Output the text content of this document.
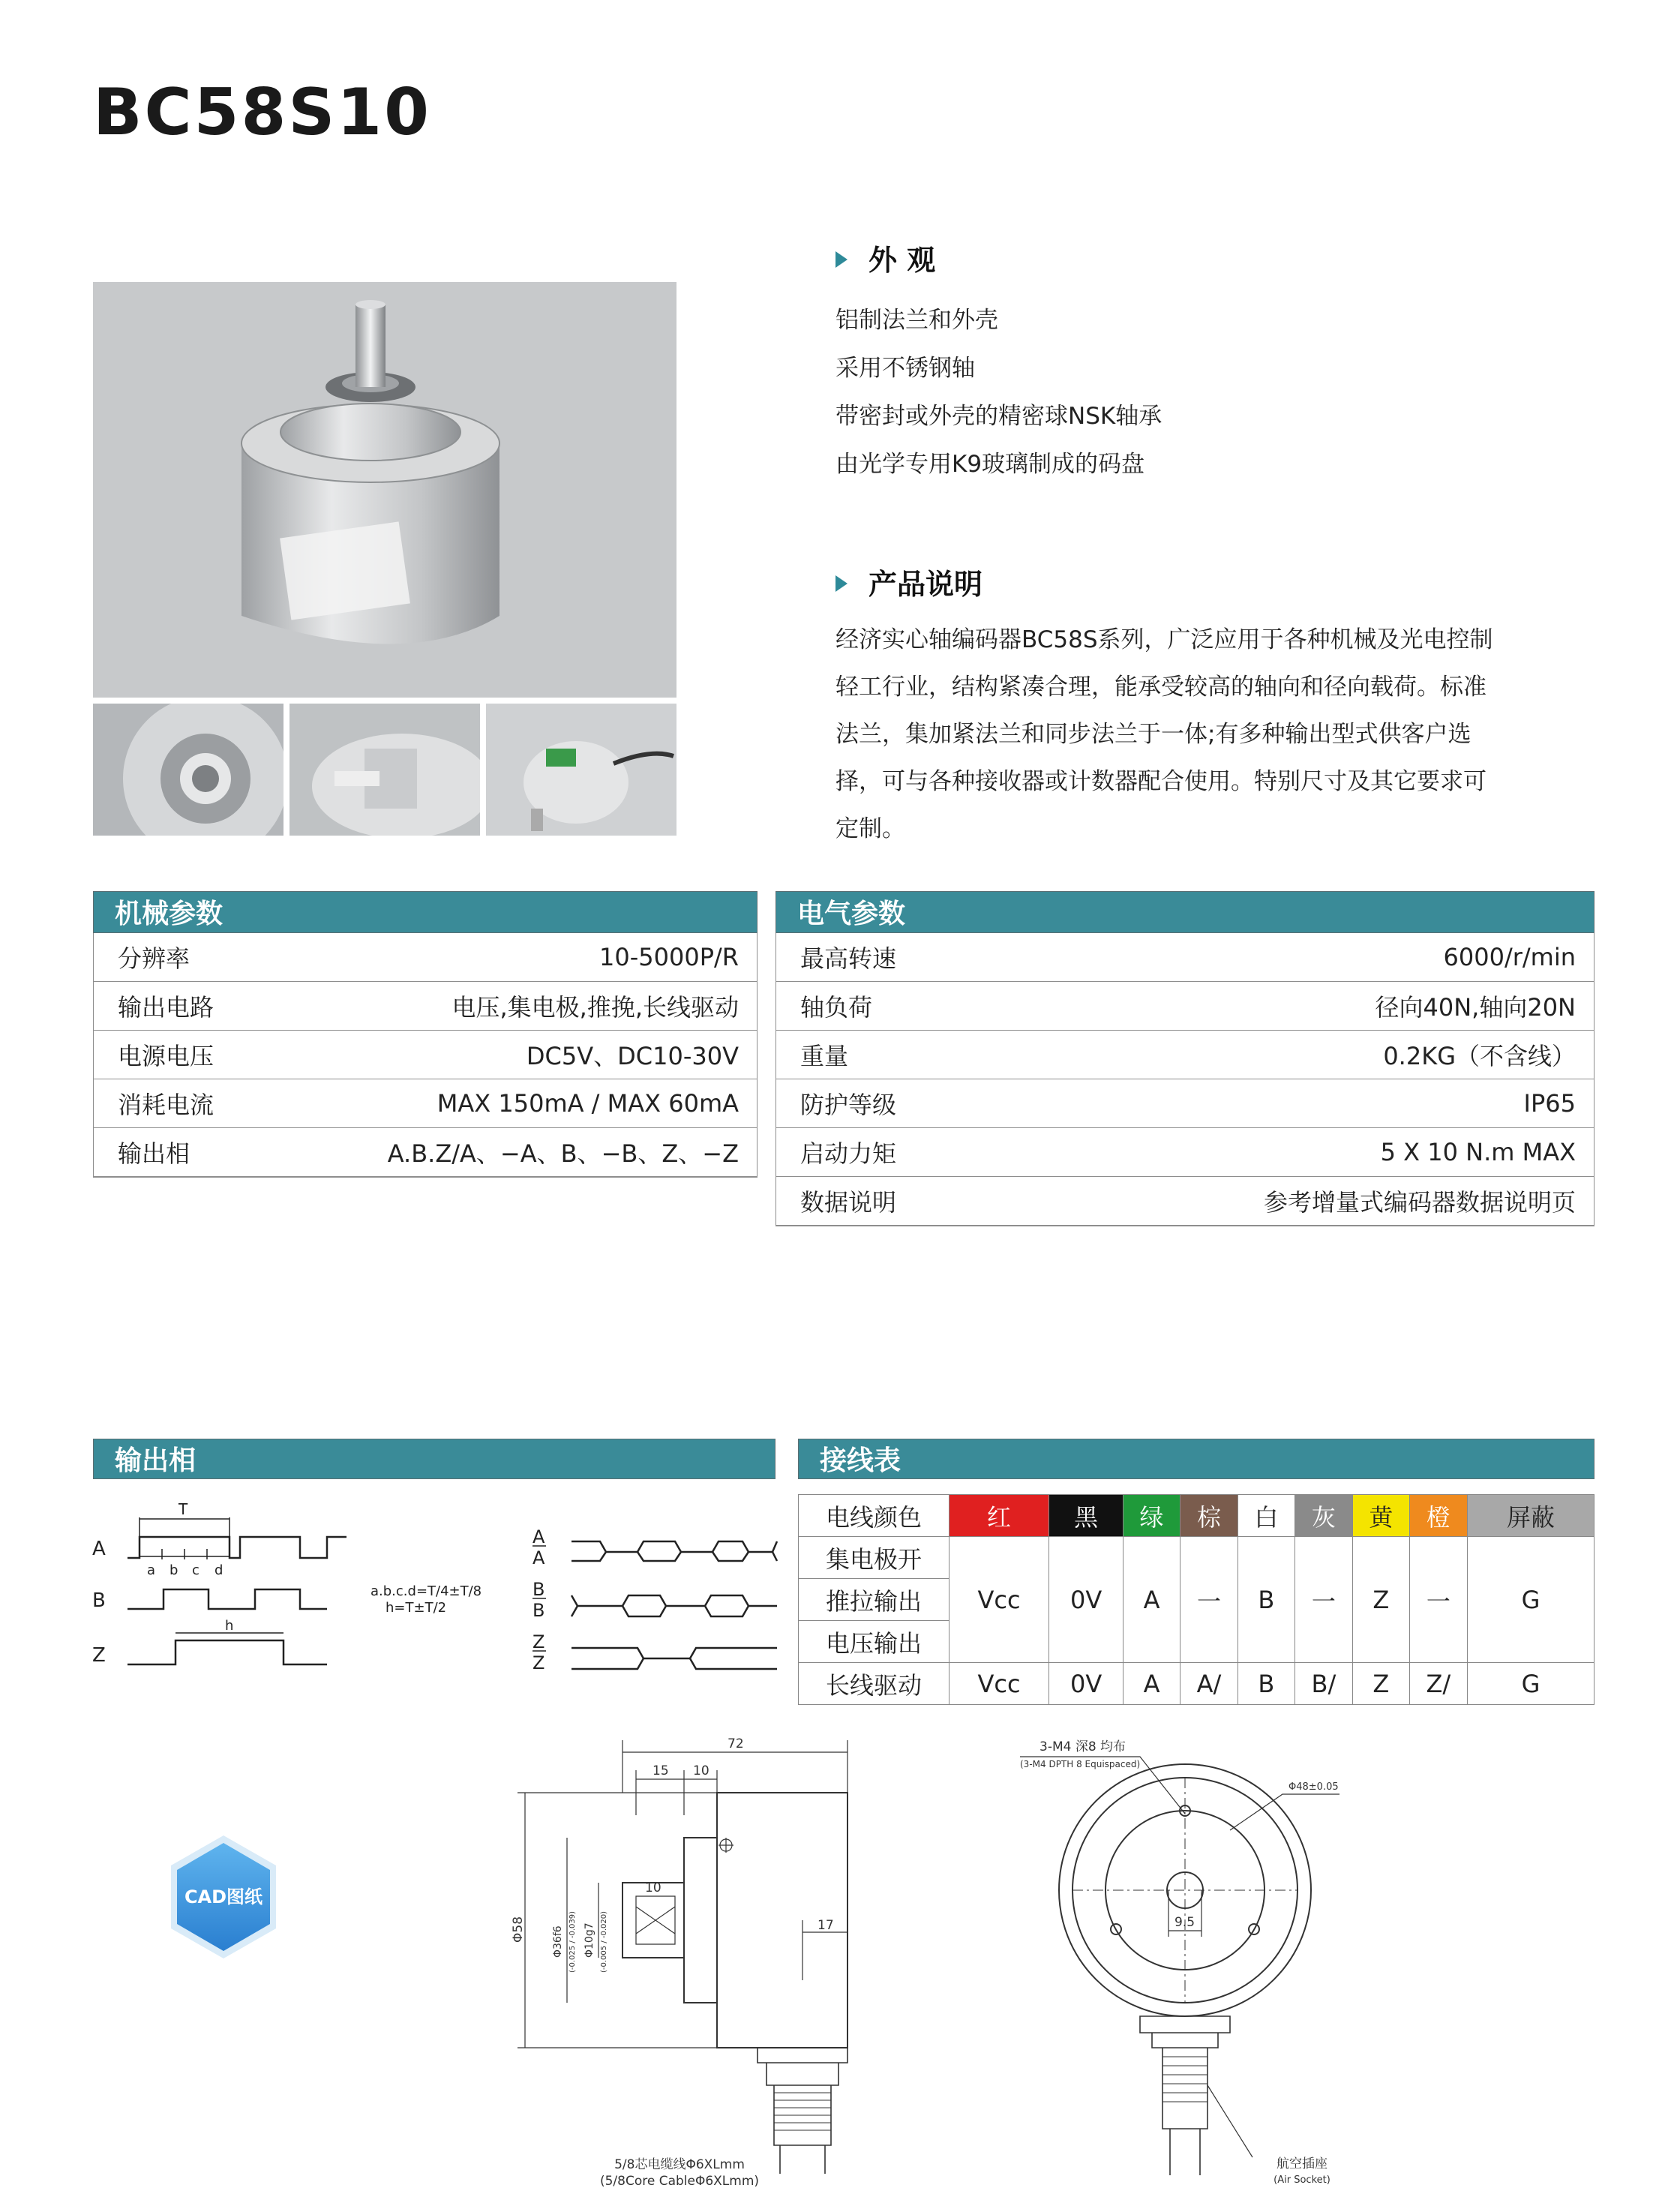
BC58S10
外 观
铝制法兰和外壳
采用不锈钢轴
带密封或外壳的精密球NSK轴承
由光学专用K9玻璃制成的码盘
产品说明
经济实心轴编码器BC58S系列，广泛应用于各种机械及光电控制
轻工行业，结构紧凑合理，能承受较高的轴向和径向载荷。标准
法兰，集加紧法兰和同步法兰于一体;有多种输出型式供客户选
择，可与各种接收器或计数器配合使用。特别尺寸及其它要求可
定制。
机械参数
分辨率	10-5000P/R
输出电路	电压,集电极,推挽,长线驱动
电源电压	DC5V、DC10-30V
消耗电流	MAX 150mA / MAX 60mA
输出相	A.B.Z/A、−A、B、−B、Z、−Z
电气参数
最高转速	6000/r/min
轴负荷	径向40N,轴向20N
重量	0.2KG（不含线）
防护等级	IP65
启动力矩	5 X 10 N.m MAX
数据说明	参考增量式编码器数据说明页
输出相
A
B
Z
T
a b c d
h
a.b.c.d=T/4±T/8
h=T±T/2
A
A
B
B
Z
Z
接线表
电线颜色	红	黑	绿	棕	白	灰	黄	橙	屏蔽
集电极开	Vcc	0V	A	一	B	一	Z	一	G
推拉输出									
电压输出									
长线驱动	Vcc	0V	A	A/	B	B/	Z	Z/	G
CAD图纸
72
15 10
10
Φ58	Φ36f6 (-0.025 / -0.039) Φ10g7 (-0.005 / -0.020)	17
5/8芯电缆线Φ6XLmm
(5/8Core CableΦ6XLmm)
3-M4 深8 均布
(3-M4 DPTH 8 Equispaced)
Φ48±0.05
9.5
航空插座
(Air Socket)
